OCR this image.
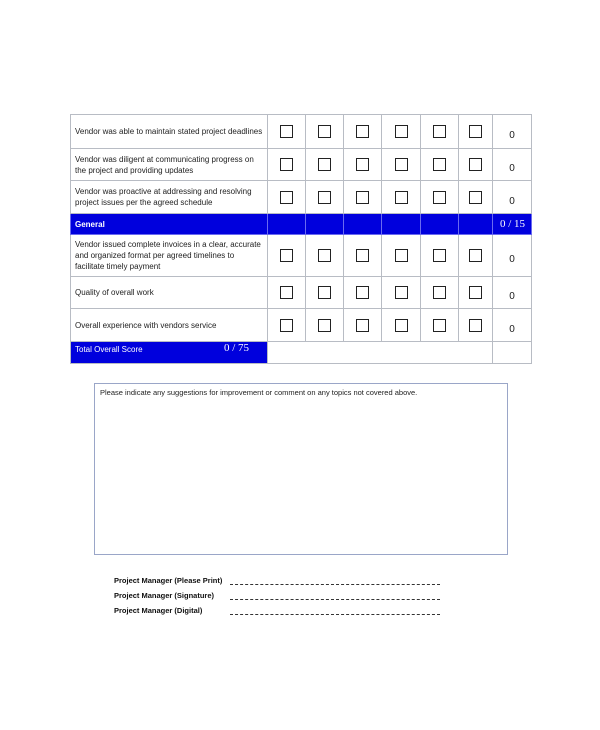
Vendor was able to maintain stated project deadlines							0
Vendor was diligent at communicating progress on the project and providing updates							0
Vendor was proactive at addressing and resolving project issues per the agreed schedule							0
General							0 / 15
Vendor issued complete invoices in a clear, accurate and organized format per agreed timelines to facilitate timely payment							0
Quality of overall work							0
Overall experience with vendors service							0
Total Overall Score 0 / 75							

Please indicate any suggestions for improvement or comment on any topics not covered above.
Project Manager (Please Print)
Project Manager (Signature)
Project Manager (Digital)
